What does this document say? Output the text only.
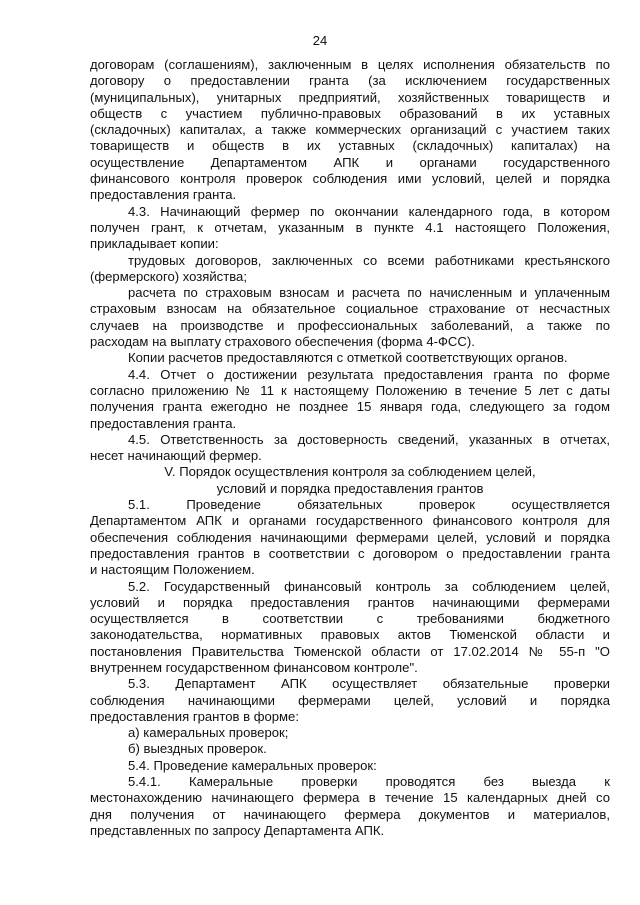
24
договорам (соглашениям), заключенным в целях исполнения обязательств по
договору о предоставлении гранта (за исключением государственных
(муниципальных), унитарных предприятий, хозяйственных товариществ и
обществ с участием публично-правовых образований в их уставных
(складочных) капиталах, а также коммерческих организаций с участием таких
товариществ и обществ в их уставных (складочных) капиталах) на
осуществление Департаментом АПК и органами государственного
финансового контроля проверок соблюдения ими условий, целей и порядка
предоставления гранта.
4.3. Начинающий фермер по окончании календарного года, в котором
получен грант, к отчетам, указанным в пункте 4.1 настоящего Положения,
прикладывает копии:
трудовых договоров, заключенных со всеми работниками крестьянского
(фермерского) хозяйства;
расчета по страховым взносам и расчета по начисленным и уплаченным
страховым взносам на обязательное социальное страхование от несчастных
случаев на производстве и профессиональных заболеваний, а также по
расходам на выплату страхового обеспечения (форма 4-ФСС).
Копии расчетов предоставляются с отметкой соответствующих органов.
4.4. Отчет о достижении результата предоставления гранта по форме
согласно приложению № 11 к настоящему Положению в течение 5 лет с даты
получения гранта ежегодно не позднее 15 января года, следующего за годом
предоставления гранта.
4.5. Ответственность за достоверность сведений, указанных в отчетах,
несет начинающий фермер.
V. Порядок осуществления контроля за соблюдением целей,
условий и порядка предоставления грантов
5.1. Проведение обязательных проверок осуществляется
Департаментом АПК и органами государственного финансового контроля для
обеспечения соблюдения начинающими фермерами целей, условий и порядка
предоставления грантов в соответствии с договором о предоставлении гранта
и настоящим Положением.
5.2. Государственный финансовый контроль за соблюдением целей,
условий и порядка предоставления грантов начинающими фермерами
осуществляется в соответствии с требованиями бюджетного
законодательства, нормативных правовых актов Тюменской области и
постановления Правительства Тюменской области от 17.02.2014 № 55-п "О
внутреннем государственном финансовом контроле".
5.3. Департамент АПК осуществляет обязательные проверки
соблюдения начинающими фермерами целей, условий и порядка
предоставления грантов в форме:
а) камеральных проверок;
б) выездных проверок.
5.4. Проведение камеральных проверок:
5.4.1. Камеральные проверки проводятся без выезда к
местонахождению начинающего фермера в течение 15 календарных дней со
дня получения от начинающего фермера документов и материалов,
представленных по запросу Департамента АПК.
